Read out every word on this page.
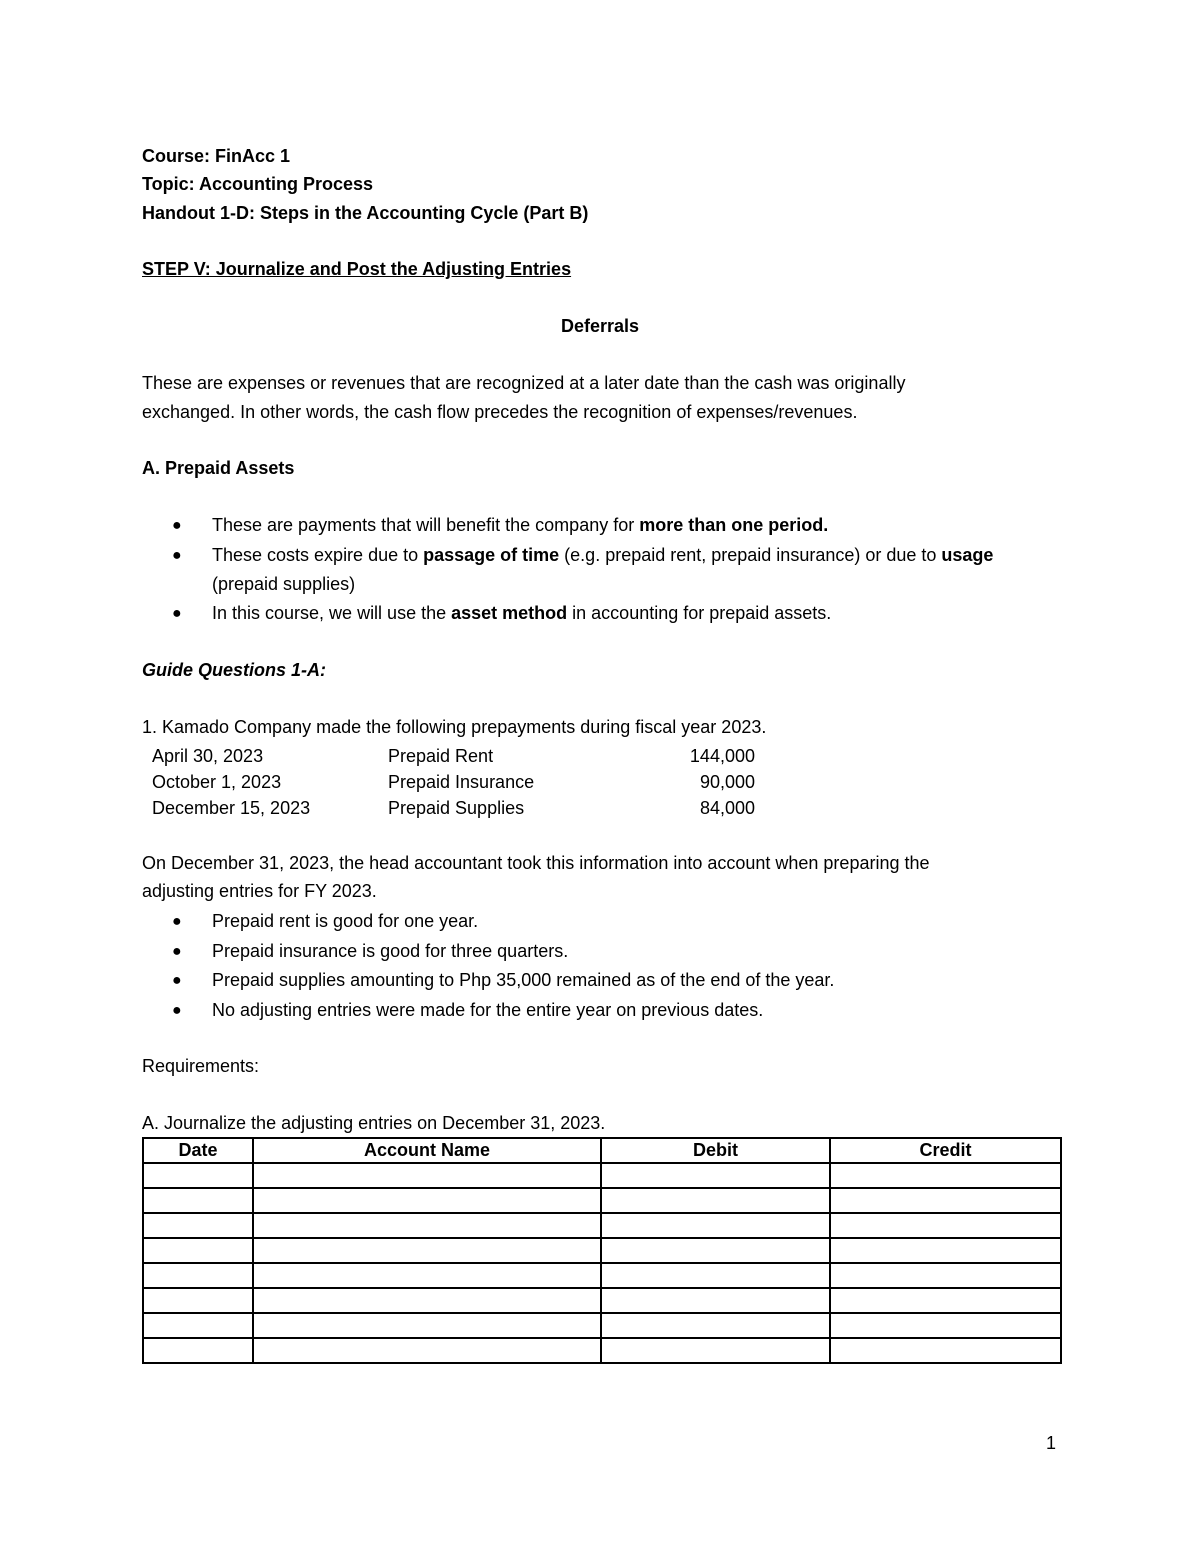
Course: FinAcc 1
Topic: Accounting Process
Handout 1-D: Steps in the Accounting Cycle (Part B)
STEP V: Journalize and Post the Adjusting Entries
Deferrals
These are expenses or revenues that are recognized at a later date than the cash was originally
exchanged. In other words, the cash flow precedes the recognition of expenses/revenues.
A. Prepaid Assets
● These are payments that will benefit the company for more than one period.
● These costs expire due to passage of time (e.g. prepaid rent, prepaid insurance) or due to usage
(prepaid supplies)
● In this course, we will use the asset method in accounting for prepaid assets.
Guide Questions 1-A:
1. Kamado Company made the following prepayments during fiscal year 2023.
April 30, 2023	Prepaid Rent	144,000
October 1, 2023	Prepaid Insurance	90,000
December 15, 2023	Prepaid Supplies	84,000
On December 31, 2023, the head accountant took this information into account when preparing the
adjusting entries for FY 2023.
● Prepaid rent is good for one year.
● Prepaid insurance is good for three quarters.
● Prepaid supplies amounting to Php 35,000 remained as of the end of the year.
● No adjusting entries were made for the entire year on previous dates.
Requirements:
A. Journalize the adjusting entries on December 31, 2023.
Date	Account Name	Debit	Credit

1
